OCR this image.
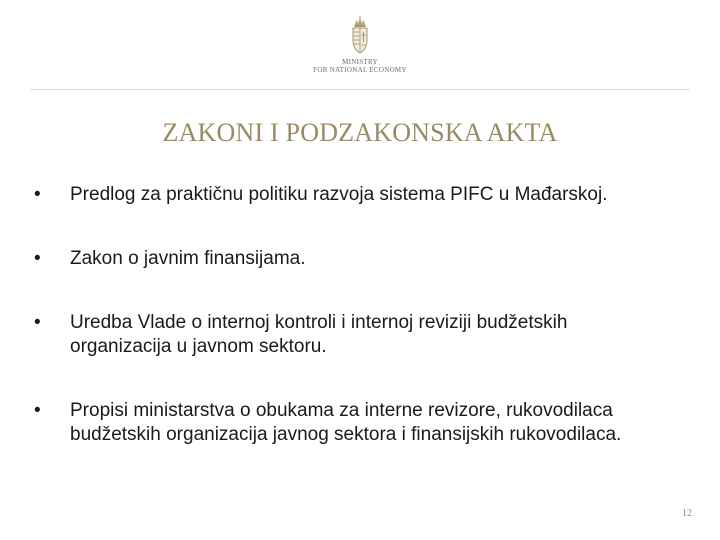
MINISTRY
FOR NATIONAL ECONOMY
ZAKONI I PODZAKONSKA AKTA
•	Predlog za praktičnu politiku razvoja sistema PIFC u Mađarskoj.
•	Zakon o javnim finansijama.
•	Uredba Vlade o internoj kontroli i internoj reviziji budžetskih organizacija u javnom sektoru.
•	Propisi ministarstva o obukama za interne revizore, rukovodilaca budžetskih organizacija javnog sektora i finansijskih rukovodilaca.
12
